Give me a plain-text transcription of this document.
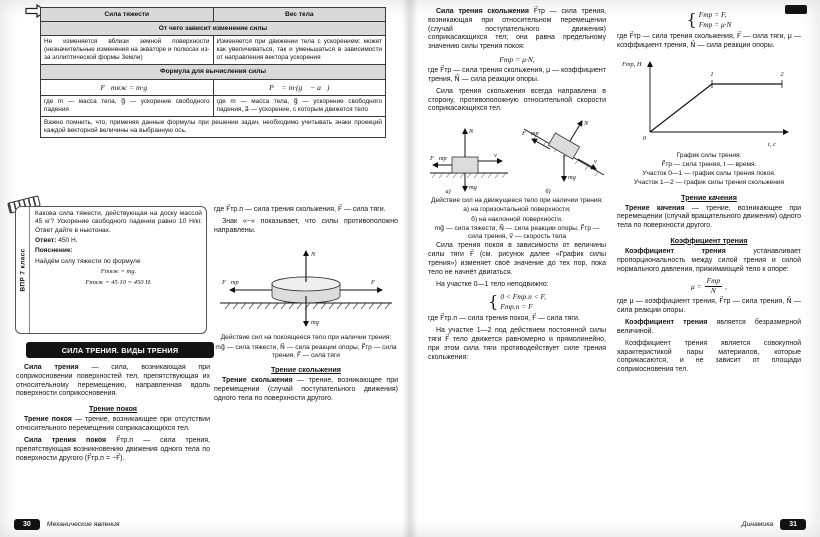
Сила тяжести	Вес тела
От чего зависит изменение силы	
Не изменяется вблизи земной поверхности (незначительные изменения на экваторе и полюсах из-за эллиптической формы Земли)	Изменяется при движении тела с ускорением: может как увеличиваться, так и уменьшаться в зависимости от направления вектора ускорения
Формула для вычисления силы	
F⃗тяж = m·g⃗	P⃗ = m·(g⃗ − a⃗)
где m — масса тела, g⃗ — ускорение свободного падения	где m — масса тела, g⃗ — ускорение свободного падения, a⃗ — ускорение, с которым движется тело
Важно помнить, что, применяя данные формулы при решении задач, необходимо учитывать знаки проекций каждой векторной величины на выбранную ось.	
ВПР 7 класс

Какова сила тяжести, действующая на доску массой 45 кг? Ускорение свободного падения равно 10 Н/кг. Ответ дайте в ньютонах.

Ответ: 450 Н.

Пояснение:

Найдём силу тяжести по формуле

Fтяж = mg.

Fтяж = 45·10 = 450 Н.

СИЛА ТРЕНИЯ. ВИДЫ ТРЕНИЯ

Сила трения — сила, возникающая при соприкосновении поверхностей тел, препятствующая их относительному перемещению, направленная вдоль поверхности соприкосновения.

Трение покоя

Трение покоя — трение, возникающее при отсутствии относительного перемещения соприкасающихся тел.

Сила трения покоя F⃗тр.п — сила трения, препятствующая возникновению движения одного тела по поверхности другого (F⃗тр.п = −F⃗).

где F⃗тр.п — сила трения скольжения, F⃗ — сила тяги.

Знак «−» показывает, что силы противоположно направлены.

N⃗
F⃗
F⃗тр
mg⃗
Действие сил на покоящееся тело при наличии трения:
mg⃗ — сила тяжести, N⃗ — сила реакции опоры, F⃗тр — сила трения, F⃗ — сила тяги
Трение скольжения

Трение скольжения — трение, возникающее при перемещении (случай поступательного движения) одного тела по поверхности другого.

Сила трения скольжения F⃗тр — сила трения, возникающая при относительном перемещении (случай поступательного движения) соприкасающихся тел; она равна предельному значению силы трения покоя:

Fтр = μ·N,

где F⃗тр — сила трения скольжения, μ — коэффициент трения, N⃗ — сила реакции опоры.

Сила трения скольжения всегда направлена в сторону, противоположную относительной скорости соприкасающихся тел.

N⃗
F⃗тр	v⃗
mg⃗
а)
N⃗
F⃗тр
v⃗
mg⃗
б)
Действие сил на движущееся тело при наличии трения:
а) на горизонтальной поверхности;
б) на наклонной поверхности.
mg⃗ — сила тяжести, N⃗ — сила реакции опоры, F⃗тр — сила трения, v⃗ — скорость тела

Сила трения покоя в зависимости от величины силы тяги F⃗ (см. рисунок далее «График силы трения») изменяет своё значение до тех пор, пока тело не начнёт двигаться.

На участке 0—1 тело неподвижно:

{ 0 < Fтр.п < F,
Fтр.п = F

где F⃗тр.п — сила трения покоя, F⃗ — сила тяги.

На участке 1—2 под действием постоянной силы тяги F⃗ тело движется равномерно и прямолинейно, при этом сила тяги противодействует силе трения скольжения:

{ Fтр = F,
Fтр = μ·N

где F⃗тр — сила трения скольжения, F⃗ — сила тяги, μ — коэффициент трения, N⃗ — сила реакции опоры.

Fтр, Н
t, с
0
1	2
График силы трения:
F⃗тр — сила трения, t — время.
Участок 0—1 — график силы трения покоя.
Участок 1—2 — график силы трения скольжения
Трение качения

Трение качения — трение, возникающее при перемещении (случай вращательного движения) одного тела по поверхности другого.

Коэффициент трения

Коэффициент трения устанавливает пропорциональность между силой трения и силой нормального давления, прижимающей тело к опоре:

$\mu = \frac{\text{Fтр}}{N}$ ,

где μ — коэффициент трения, F⃗тр — сила трения, N⃗ — сила реакции опоры.

Коэффициент трения является безразмерной величиной.

Коэффициент трения является совокупной характеристикой пары материалов, которые соприкасаются, и не зависит от площади соприкосновения тел.

30	Механические явления	Динамика	31
